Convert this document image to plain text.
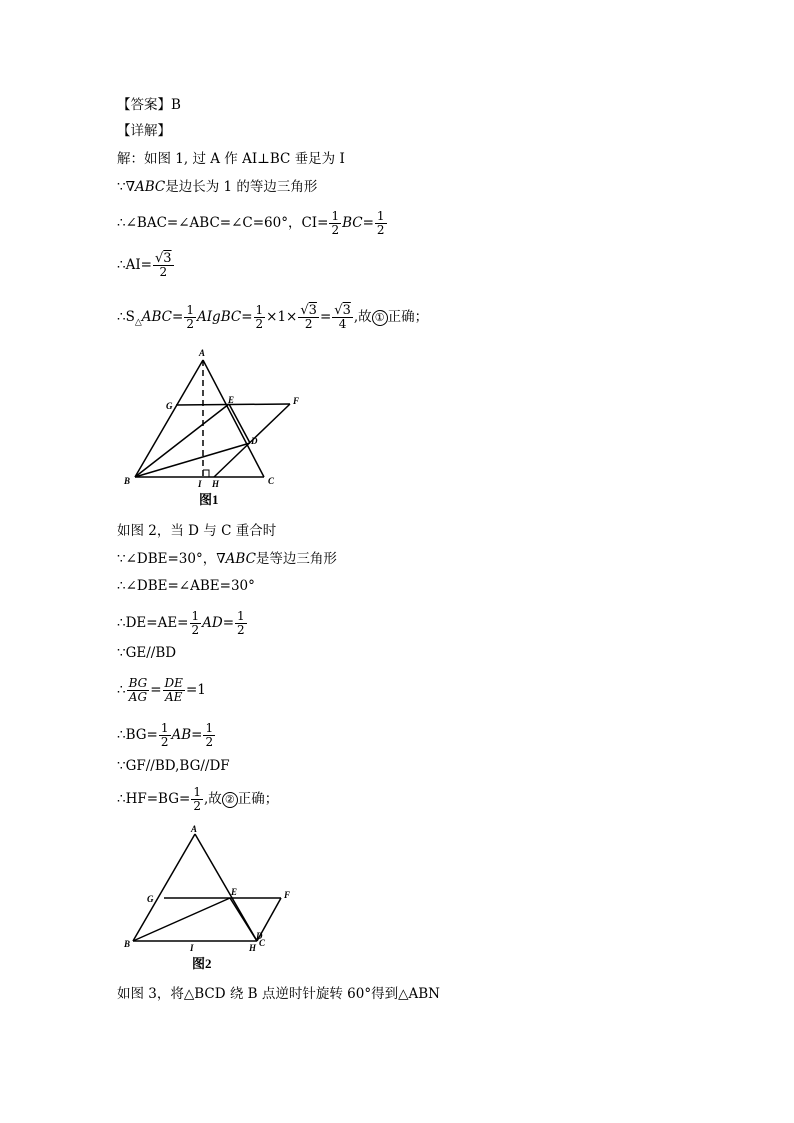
【答案】B
【详解】
解：如图 1, 过 A 作 AI⊥BC 垂足为 I
∵∇ABC是边长为 1 的等边三角形
∴∠BAC=∠ABC=∠C=60°，$CI= \frac{1}{2} BC= \frac{1}{2}$
∴AI= $\frac{√3}{2}$
$\therefore S_\triangle ABC= \frac{1}{2}$ AIgBC= $\frac{1}{2} \times 1\times \frac{√3}{2} = \frac{√3}{4}$ ,故 ① 正确；
A
G
E	F
D
B	I H	C
图1
如图 2，当 D 与 C 重合时
∵∠DBE=30°，∇ABC是等边三角形
∴∠DBE=∠ABE=30°
∴DE=AE= $\frac{1}{2} AD= \frac{1}{2}$
∵GE//BD
∴ $\frac{BG}{AG} = \frac{DE}{AE} =1$
∴BG= $\frac{1}{2} AB= \frac{1}{2}$
∵GF//BD,BG//DF
∴HF=BG= $\frac{1}{2}$ ,故 ② 正确；
A
G
E	F
D
C
B	I	H
图2
如图 3，将△BCD 绕 B 点逆时针旋转 60°得到△ABN
